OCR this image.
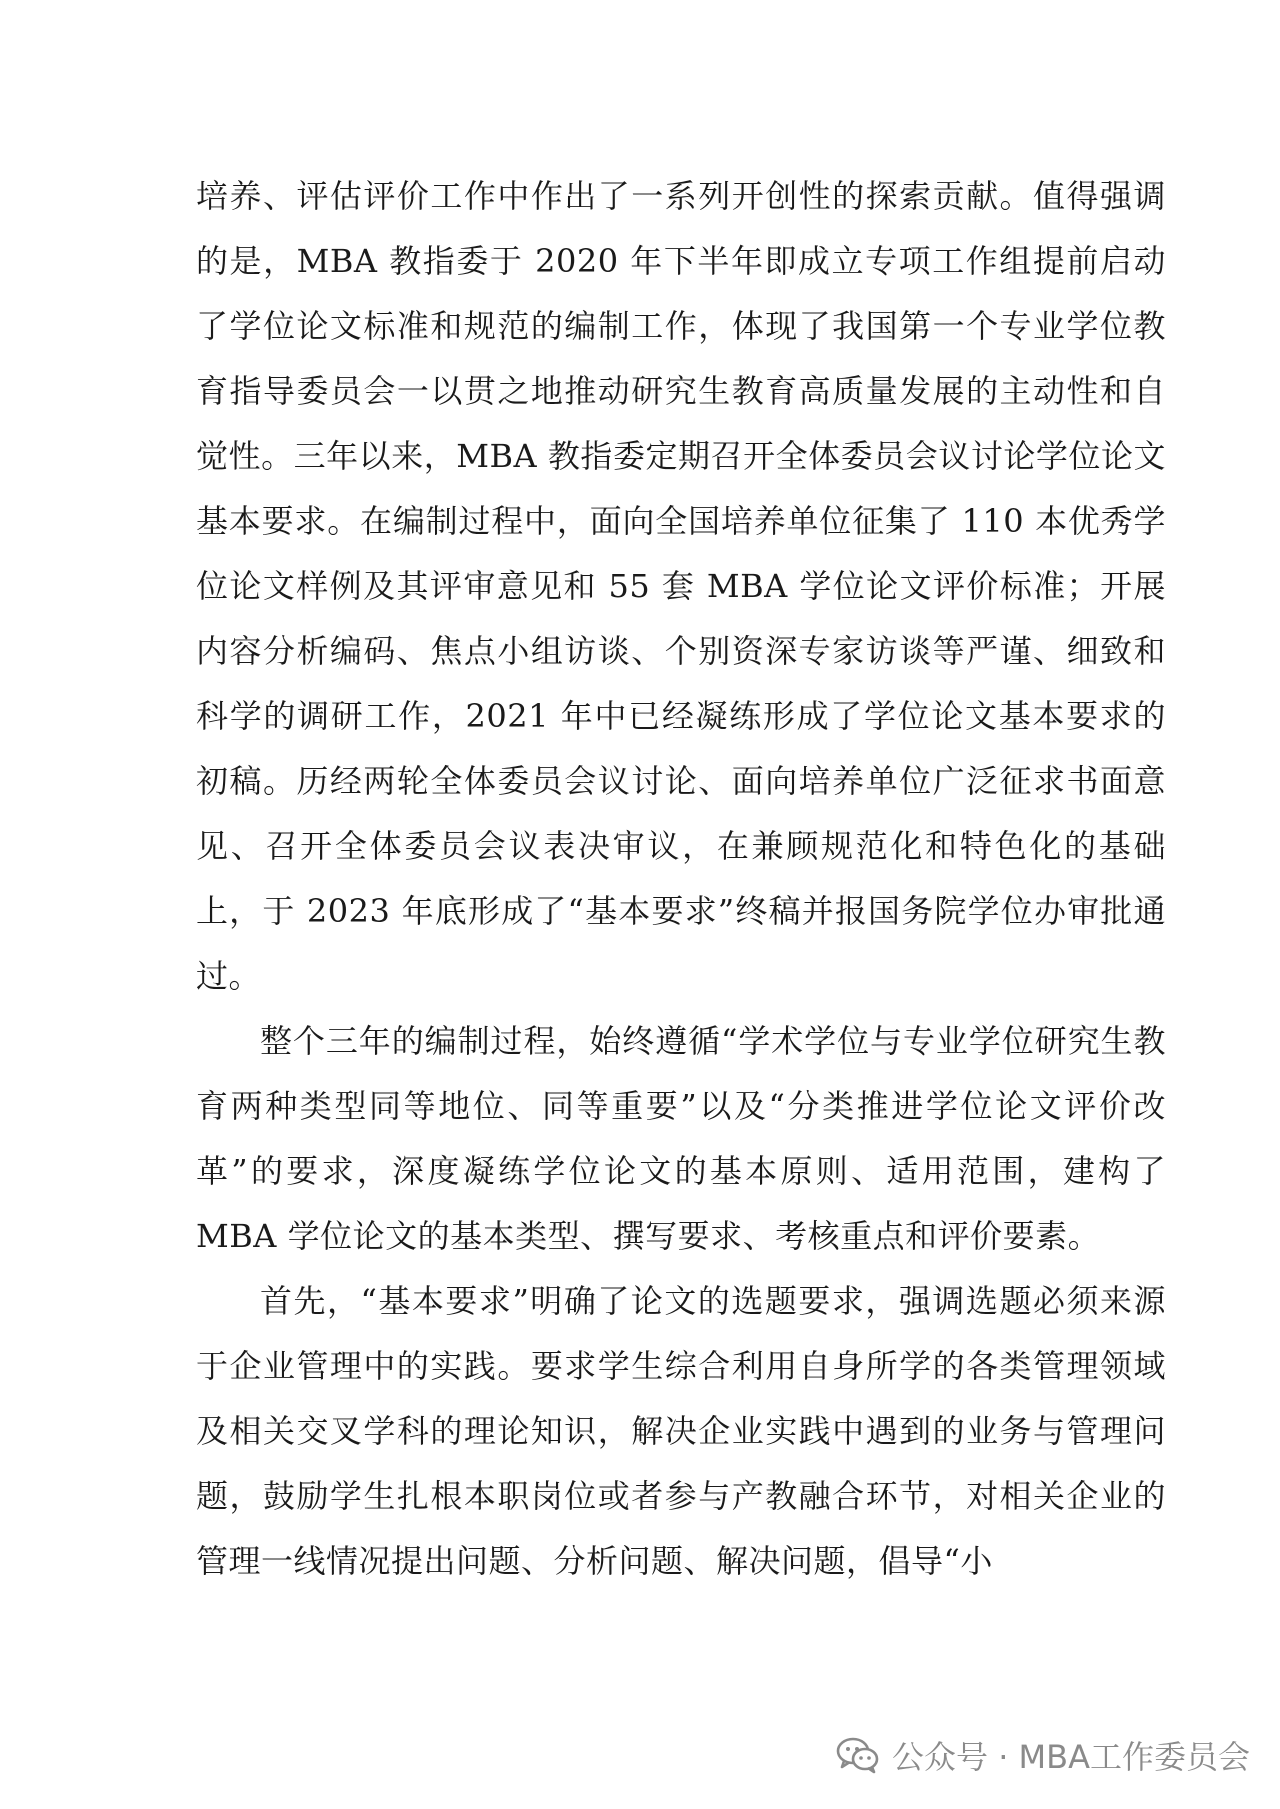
培养、评估评价工作中作出了一系列开创性的探索贡献。值得强调的是，MBA 教指委于 2020 年下半年即成立专项工作组提前启动了学位论文标准和规范的编制工作，体现了我国第一个专业学位教育指导委员会一以贯之地推动研究生教育高质量发展的主动性和自觉性。三年以来，MBA 教指委定期召开全体委员会议讨论学位论文基本要求。在编制过程中，面向全国培养单位征集了 110 本优秀学位论文样例及其评审意见和 55 套 MBA 学位论文评价标准；开展内容分析编码、焦点小组访谈、个别资深专家访谈等严谨、细致和科学的调研工作，2021 年中已经凝练形成了学位论文基本要求的初稿。历经两轮全体委员会议讨论、面向培养单位广泛征求书面意见、召开全体委员会议表决审议，在兼顾规范化和特色化的基础上，于 2023 年底形成了“基本要求”终稿并报国务院学位办审批通过。

整个三年的编制过程，始终遵循“学术学位与专业学位研究生教育两种类型同等地位、同等重要”以及“分类推进学位论文评价改革”的要求，深度凝练学位论文的基本原则、适用范围，建构了 MBA 学位论文的基本类型、撰写要求、考核重点和评价要素。

首先，“基本要求”明确了论文的选题要求，强调选题必须来源于企业管理中的实践。要求学生综合利用自身所学的各类管理领域及相关交叉学科的理论知识，解决企业实践中遇到的业务与管理问题，鼓励学生扎根本职岗位或者参与产教融合环节，对相关企业的管理一线情况提出问题、分析问题、解决问题，倡导“小

公众号 · MBA工作委员会
